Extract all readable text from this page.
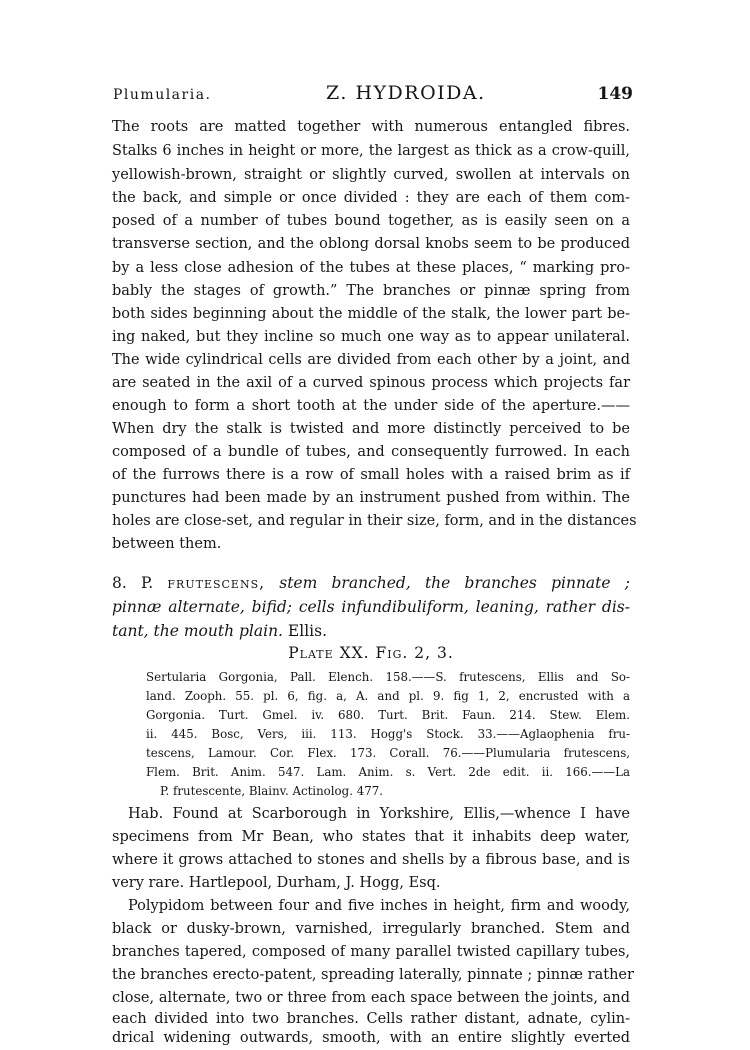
Plumularia.	Z. HYDROIDA.	149
The roots are matted together with numerous entangled fibres.
Stalks 6 inches in height or more, the largest as thick as a crow-quill,
yellowish-brown, straight or slightly curved, swollen at intervals on
the back, and simple or once divided : they are each of them com-
posed of a number of tubes bound together, as is easily seen on a
transverse section, and the oblong dorsal knobs seem to be produced
by a less close adhesion of the tubes at these places, “ marking pro-
bably the stages of growth.” The branches or pinnæ spring from
both sides beginning about the middle of the stalk, the lower part be-
ing naked, but they incline so much one way as to appear unilateral.
The wide cylindrical cells are divided from each other by a joint, and
are seated in the axil of a curved spinous process which projects far
enough to form a short tooth at the under side of the aperture.——
When dry the stalk is twisted and more distinctly perceived to be
composed of a bundle of tubes, and consequently furrowed. In each
of the furrows there is a row of small holes with a raised brim as if
punctures had been made by an instrument pushed from within. The
holes are close-set, and regular in their size, form, and in the distances
between them.
8. P. frutescens, stem branched, the branches pinnate ;
pinnæ alternate, bifid; cells infundibuliform, leaning, rather dis-
tant, the mouth plain. Ellis.
Plate XX. Fig. 2, 3.
Sertularia Gorgonia, Pall. Elench. 158.——S. frutescens, Ellis and So-
land. Zooph. 55. pl. 6, fig. a, A. and pl. 9. fig 1, 2, encrusted with a
Gorgonia. Turt. Gmel. iv. 680. Turt. Brit. Faun. 214. Stew. Elem.
ii. 445. Bosc, Vers, iii. 113. Hogg's Stock. 33.——Aglaophenia fru-
tescens, Lamour. Cor. Flex. 173. Corall. 76.——Plumularia frutescens,
Flem. Brit. Anim. 547. Lam. Anim. s. Vert. 2de edit. ii. 166.——La
P. frutescente, Blainv. Actinolog. 477.
Hab. Found at Scarborough in Yorkshire, Ellis,—whence I have
specimens from Mr Bean, who states that it inhabits deep water,
where it grows attached to stones and shells by a fibrous base, and is
very rare. Hartlepool, Durham, J. Hogg, Esq.
Polypidom between four and five inches in height, firm and woody,
black or dusky-brown, varnished, irregularly branched. Stem and
branches tapered, composed of many parallel twisted capillary tubes,
the branches erecto-patent, spreading laterally, pinnate ; pinnæ rather
close, alternate, two or three from each space between the joints, and
each divided into two branches. Cells rather distant, adnate, cylin-
drical widening outwards, smooth, with an entire slightly everted
